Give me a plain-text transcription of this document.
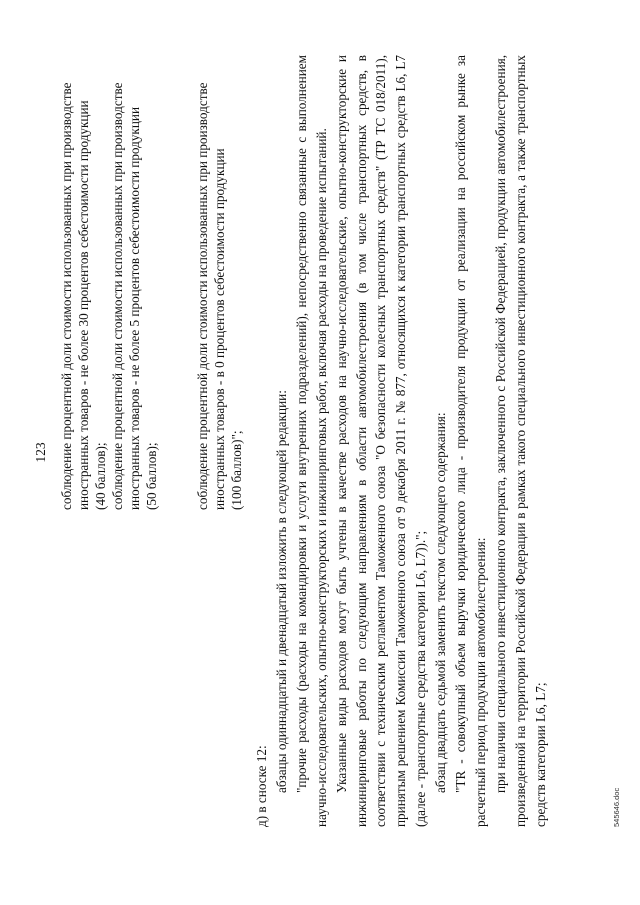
123 соблюдение процентной доли стоимости использованных при производстве иностранных товаров - не более 30 процентов себестоимости продукции (40 баллов); соблюдение процентной доли стоимости использованных при производстве иностранных товаров - не более 5 процентов себестоимости продукции (50 баллов);	соблюдение процентной доли стоимости использованных при производстве иностранных товаров - в 0 процентов себестоимости продукции (100 баллов)";

д) в сноске 12: абзацы одиннадцатый и двенадцатый изложить в следующей редакции: "прочие расходы (расходы на командировки и услуги внутренних подразделений), непосредственно связанные с выполнением научно-исследовательских, опытно-конструкторских и инжиниринговых работ, включая расходы на проведение испытаний. Указанные виды расходов могут быть учтены в качестве расходов на научно-исследовательские, опытно-конструкторские и инжиниринговые работы по следующим направлениям в области автомобилестроения (в том числе транспортных средств, в соответствии с техническим регламентом Таможенного союза "О безопасности колесных транспортных средств" (ТР ТС 018/2011), принятым решением Комиссии Таможенного союза от 9 декабря 2011 г. № 877, относящихся к категории транспортных средств L6, L7 (далее - транспортные средства категории L6, L7))."; абзац двадцать седьмой заменить текстом следующего содержания: "TR - совокупный объем выручки юридического лица - производителя продукции от реализации на российском рынке за расчетный период продукции автомобилестроения: при наличии специального инвестиционного контракта, заключенного с Российской Федерацией, продукции автомобилестроения, произведенной на территории Российской Федерации в рамках такого специального инвестиционного контракта, а также транспортных средств категории L6, L7;	545646.doc
